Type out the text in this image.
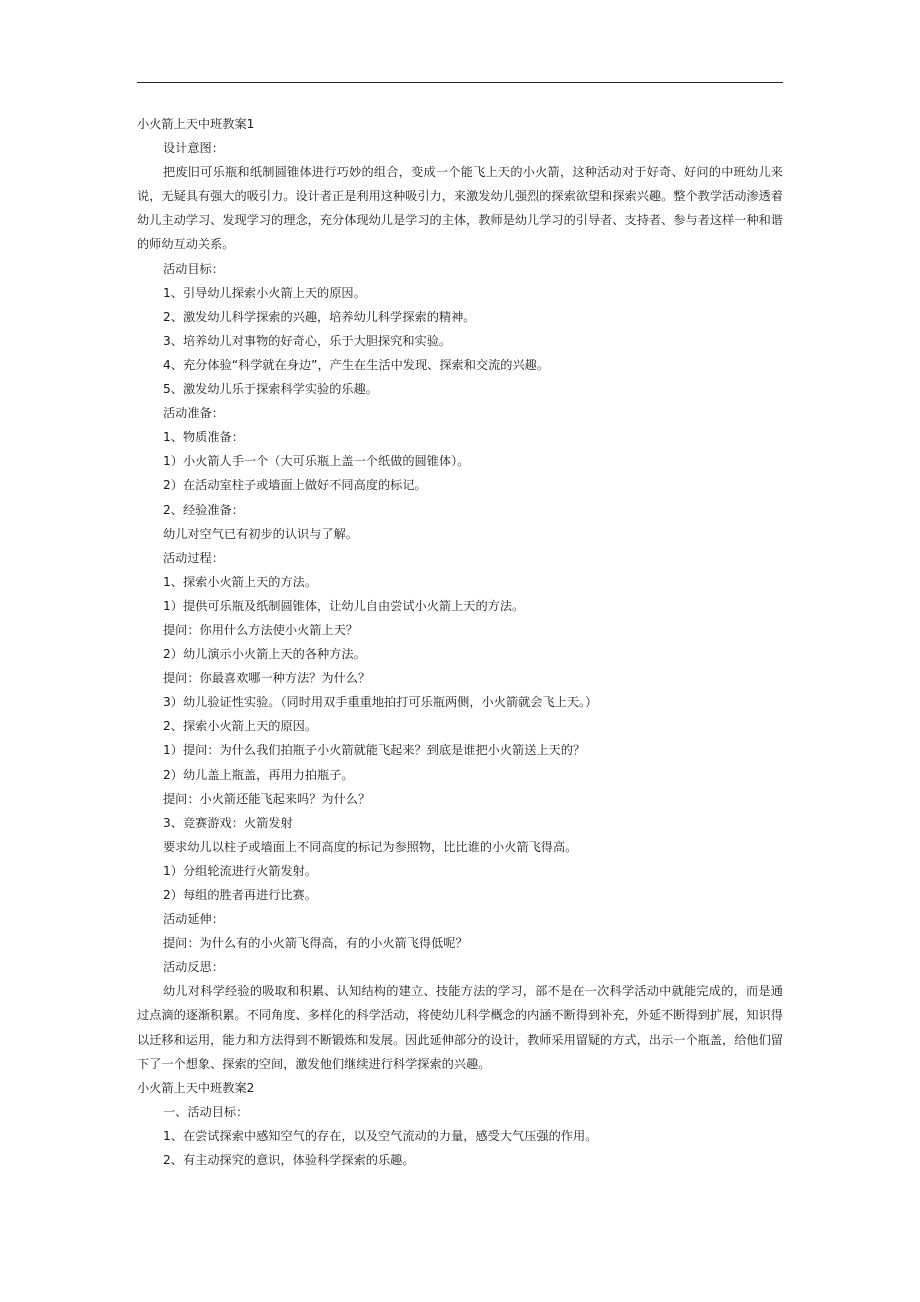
小火箭上天中班教案1
设计意图：

把废旧可乐瓶和纸制圆锥体进行巧妙的组合，变成一个能飞上天的小火箭，这种活动对于好奇、好问的中班幼儿来说，无疑具有强大的吸引力。设计者正是利用这种吸引力，来激发幼儿强烈的探索欲望和探索兴趣。整个教学活动渗透着幼儿主动学习、发现学习的理念，充分体现幼儿是学习的主体，教师是幼儿学习的引导者、支持者、参与者这样一种和谐的师幼互动关系。

活动目标：
1、引导幼儿探索小火箭上天的原因。
2、激发幼儿科学探索的兴趣，培养幼儿科学探索的精神。
3、培养幼儿对事物的好奇心，乐于大胆探究和实验。
4、充分体验“科学就在身边”，产生在生活中发现、探索和交流的兴趣。
5、激发幼儿乐于探索科学实验的乐趣。
活动准备：
1、物质准备：
1）小火箭人手一个（大可乐瓶上盖一个纸做的圆锥体）。
2）在活动室柱子或墙面上做好不同高度的标记。
2、经验准备：
幼儿对空气已有初步的认识与了解。
活动过程：
1、探索小火箭上天的方法。
1）提供可乐瓶及纸制圆锥体，让幼儿自由尝试小火箭上天的方法。
提问：你用什么方法使小火箭上天？
2）幼儿演示小火箭上天的各种方法。
提问：你最喜欢哪一种方法？为什么？
3）幼儿验证性实验。（同时用双手重重地拍打可乐瓶两侧，小火箭就会飞上天。）
2、探索小火箭上天的原因。
1）提问：为什么我们拍瓶子小火箭就能飞起来？到底是谁把小火箭送上天的？
2）幼儿盖上瓶盖，再用力拍瓶子。
提问：小火箭还能飞起来吗？为什么？
3、竞赛游戏：火箭发射
要求幼儿以柱子或墙面上不同高度的标记为参照物，比比谁的小火箭飞得高。
1）分组轮流进行火箭发射。
2）每组的胜者再进行比赛。
活动延伸：
提问：为什么有的小火箭飞得高，有的小火箭飞得低呢？
活动反思：

幼儿对科学经验的吸取和积累、认知结构的建立、技能方法的学习，部不是在一次科学活动中就能完成的，而是通过点滴的逐渐积累。不同角度、多样化的科学活动，将使幼儿科学概念的内涵不断得到补充，外延不断得到扩展，知识得以迁移和运用，能力和方法得到不断锻炼和发展。因此延伸部分的设计，教师采用留疑的方式，出示一个瓶盖，给他们留下了一个想象、探索的空间，激发他们继续进行科学探索的兴趣。

小火箭上天中班教案2
一、活动目标：
1、在尝试探索中感知空气的存在，以及空气流动的力量，感受大气压强的作用。
2、有主动探究的意识，体验科学探索的乐趣。
